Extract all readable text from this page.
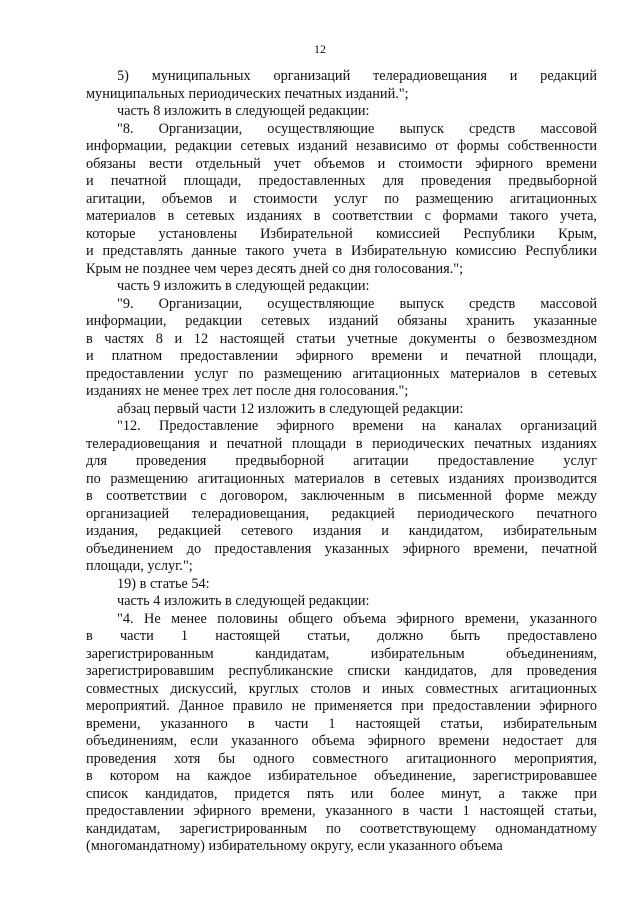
12

5) муниципальных организаций телерадиовещания и редакций
муниципальных периодических печатных изданий.";

часть 8 изложить в следующей редакции:

"8. Организации, осуществляющие выпуск средств массовой
информации, редакции сетевых изданий независимо от формы собственности
обязаны вести отдельный учет объемов и стоимости эфирного времени
и печатной площади, предоставленных для проведения предвыборной
агитации, объемов и стоимости услуг по размещению агитационных
материалов в сетевых изданиях в соответствии с формами такого учета,
которые установлены Избирательной комиссией Республики Крым,
и представлять данные такого учета в Избирательную комиссию Республики
Крым не позднее чем через десять дней со дня голосования.";

часть 9 изложить в следующей редакции:

"9. Организации, осуществляющие выпуск средств массовой
информации, редакции сетевых изданий обязаны хранить указанные
в частях 8 и 12 настоящей статьи учетные документы о безвозмездном
и платном предоставлении эфирного времени и печатной площади,
предоставлении услуг по размещению агитационных материалов в сетевых
изданиях не менее трех лет после дня голосования.";

абзац первый части 12 изложить в следующей редакции:

"12. Предоставление эфирного времени на каналах организаций
телерадиовещания и печатной площади в периодических печатных изданиях
для проведения предвыборной агитации предоставление услуг
по размещению агитационных материалов в сетевых изданиях производится
в соответствии с договором, заключенным в письменной форме между
организацией телерадиовещания, редакцией периодического печатного
издания, редакцией сетевого издания и кандидатом, избирательным
объединением до предоставления указанных эфирного времени, печатной
площади, услуг.";

19) в статье 54:

часть 4 изложить в следующей редакции:

"4. Не менее половины общего объема эфирного времени, указанного
в части 1 настоящей статьи, должно быть предоставлено
зарегистрированным кандидатам, избирательным объединениям,
зарегистрировавшим республиканские списки кандидатов, для проведения
совместных дискуссий, круглых столов и иных совместных агитационных
мероприятий. Данное правило не применяется при предоставлении эфирного
времени, указанного в части 1 настоящей статьи, избирательным
объединениям, если указанного объема эфирного времени недостает для
проведения хотя бы одного совместного агитационного мероприятия,
в котором на каждое избирательное объединение, зарегистрировавшее
список кандидатов, придется пять или более минут, а также при
предоставлении эфирного времени, указанного в части 1 настоящей статьи,
кандидатам, зарегистрированным по соответствующему одномандатному
(многомандатному) избирательному округу, если указанного объема
